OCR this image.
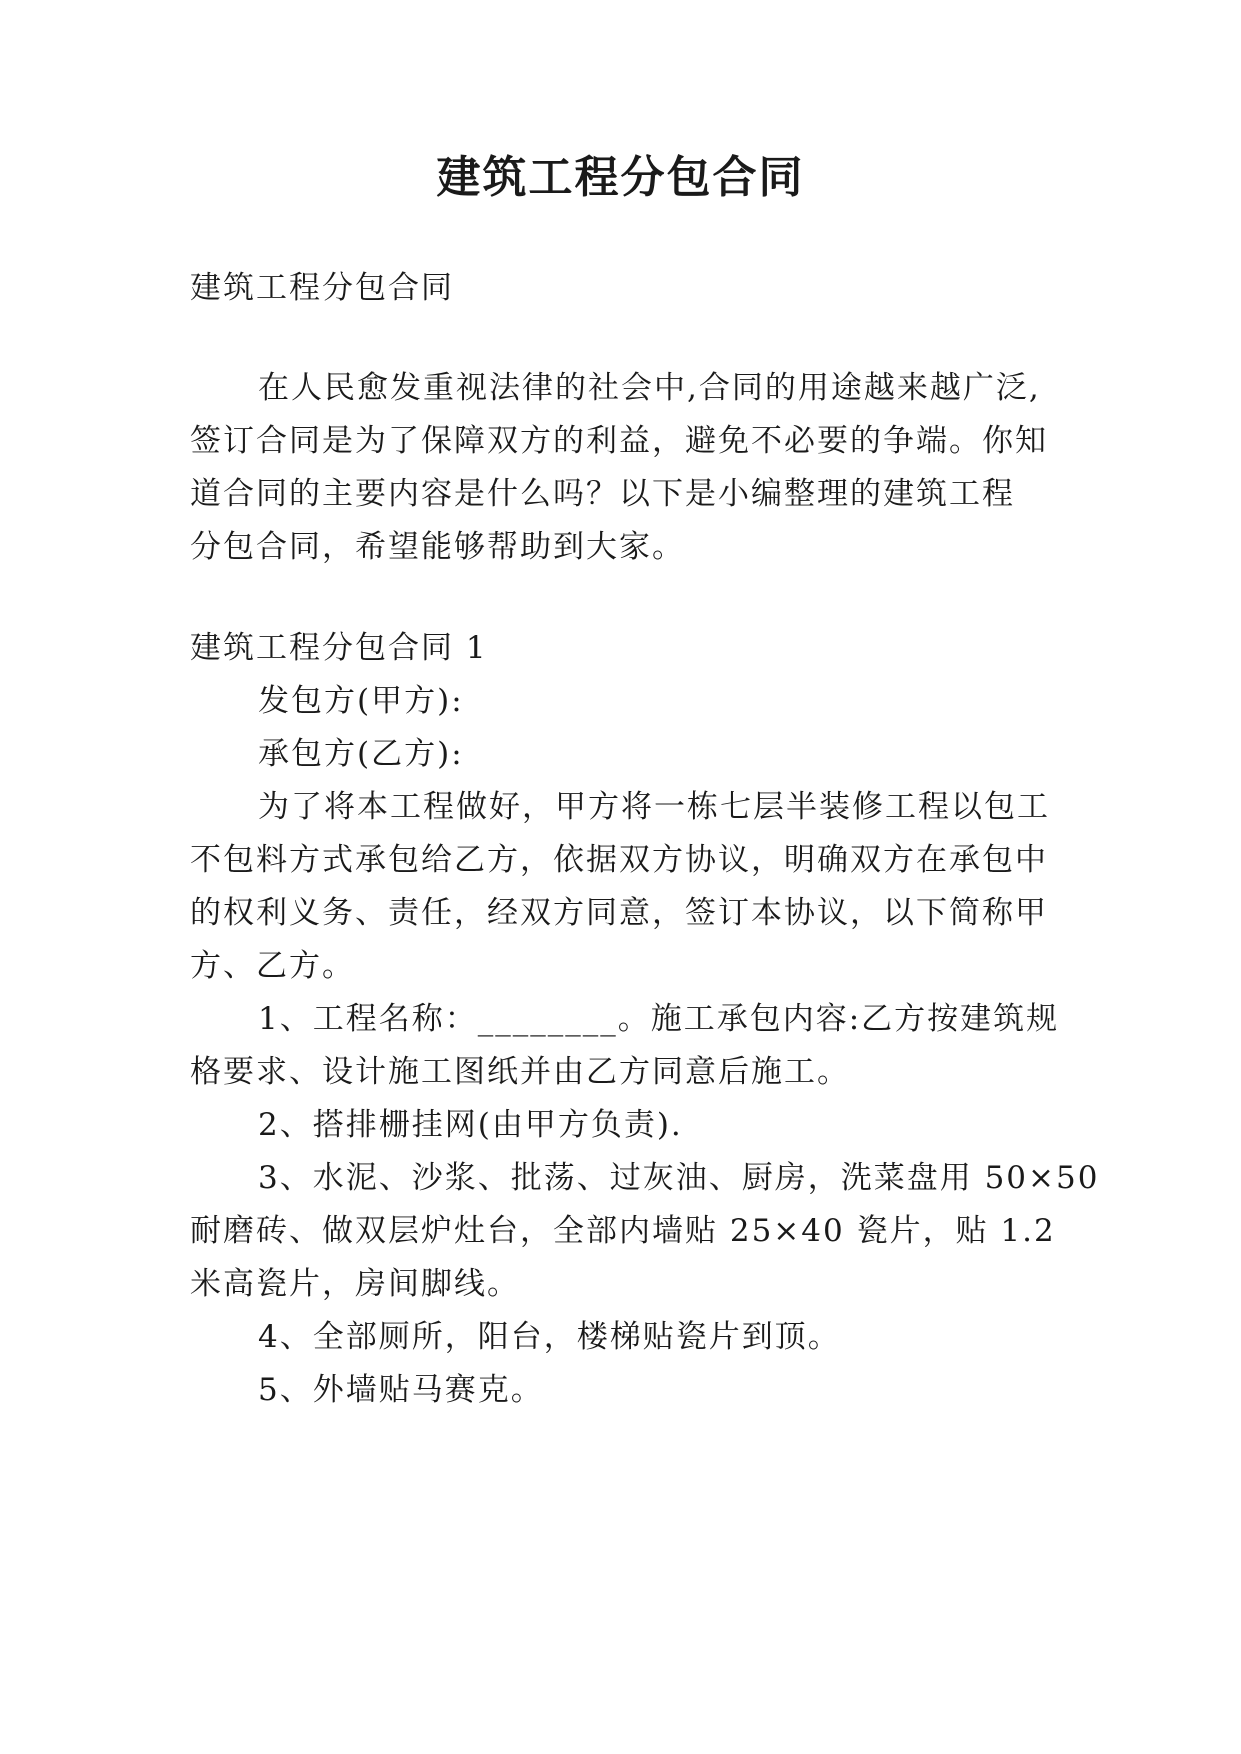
建筑工程分包合同

建筑工程分包合同

在人民愈发重视法律的社会中,合同的用途越来越广泛,

签订合同是为了保障双方的利益，避免不必要的争端。你知

道合同的主要内容是什么吗？以下是小编整理的建筑工程

分包合同，希望能够帮助到大家。

建筑工程分包合同 1

发包方(甲方):

承包方(乙方):

为了将本工程做好，甲方将一栋七层半装修工程以包工

不包料方式承包给乙方，依据双方协议，明确双方在承包中

的权利义务、责任，经双方同意，签订本协议，以下简称甲

方、乙方。

1、工程名称：________。施工承包内容:乙方按建筑规

格要求、设计施工图纸并由乙方同意后施工。

2、搭排栅挂网(由甲方负责).

3、水泥、沙浆、批荡、过灰油、厨房，洗菜盘用 50×50

耐磨砖、做双层炉灶台，全部内墙贴 25×40 瓷片，贴 1.2

米高瓷片，房间脚线。

4、全部厕所，阳台，楼梯贴瓷片到顶。

5、外墙贴马赛克。
